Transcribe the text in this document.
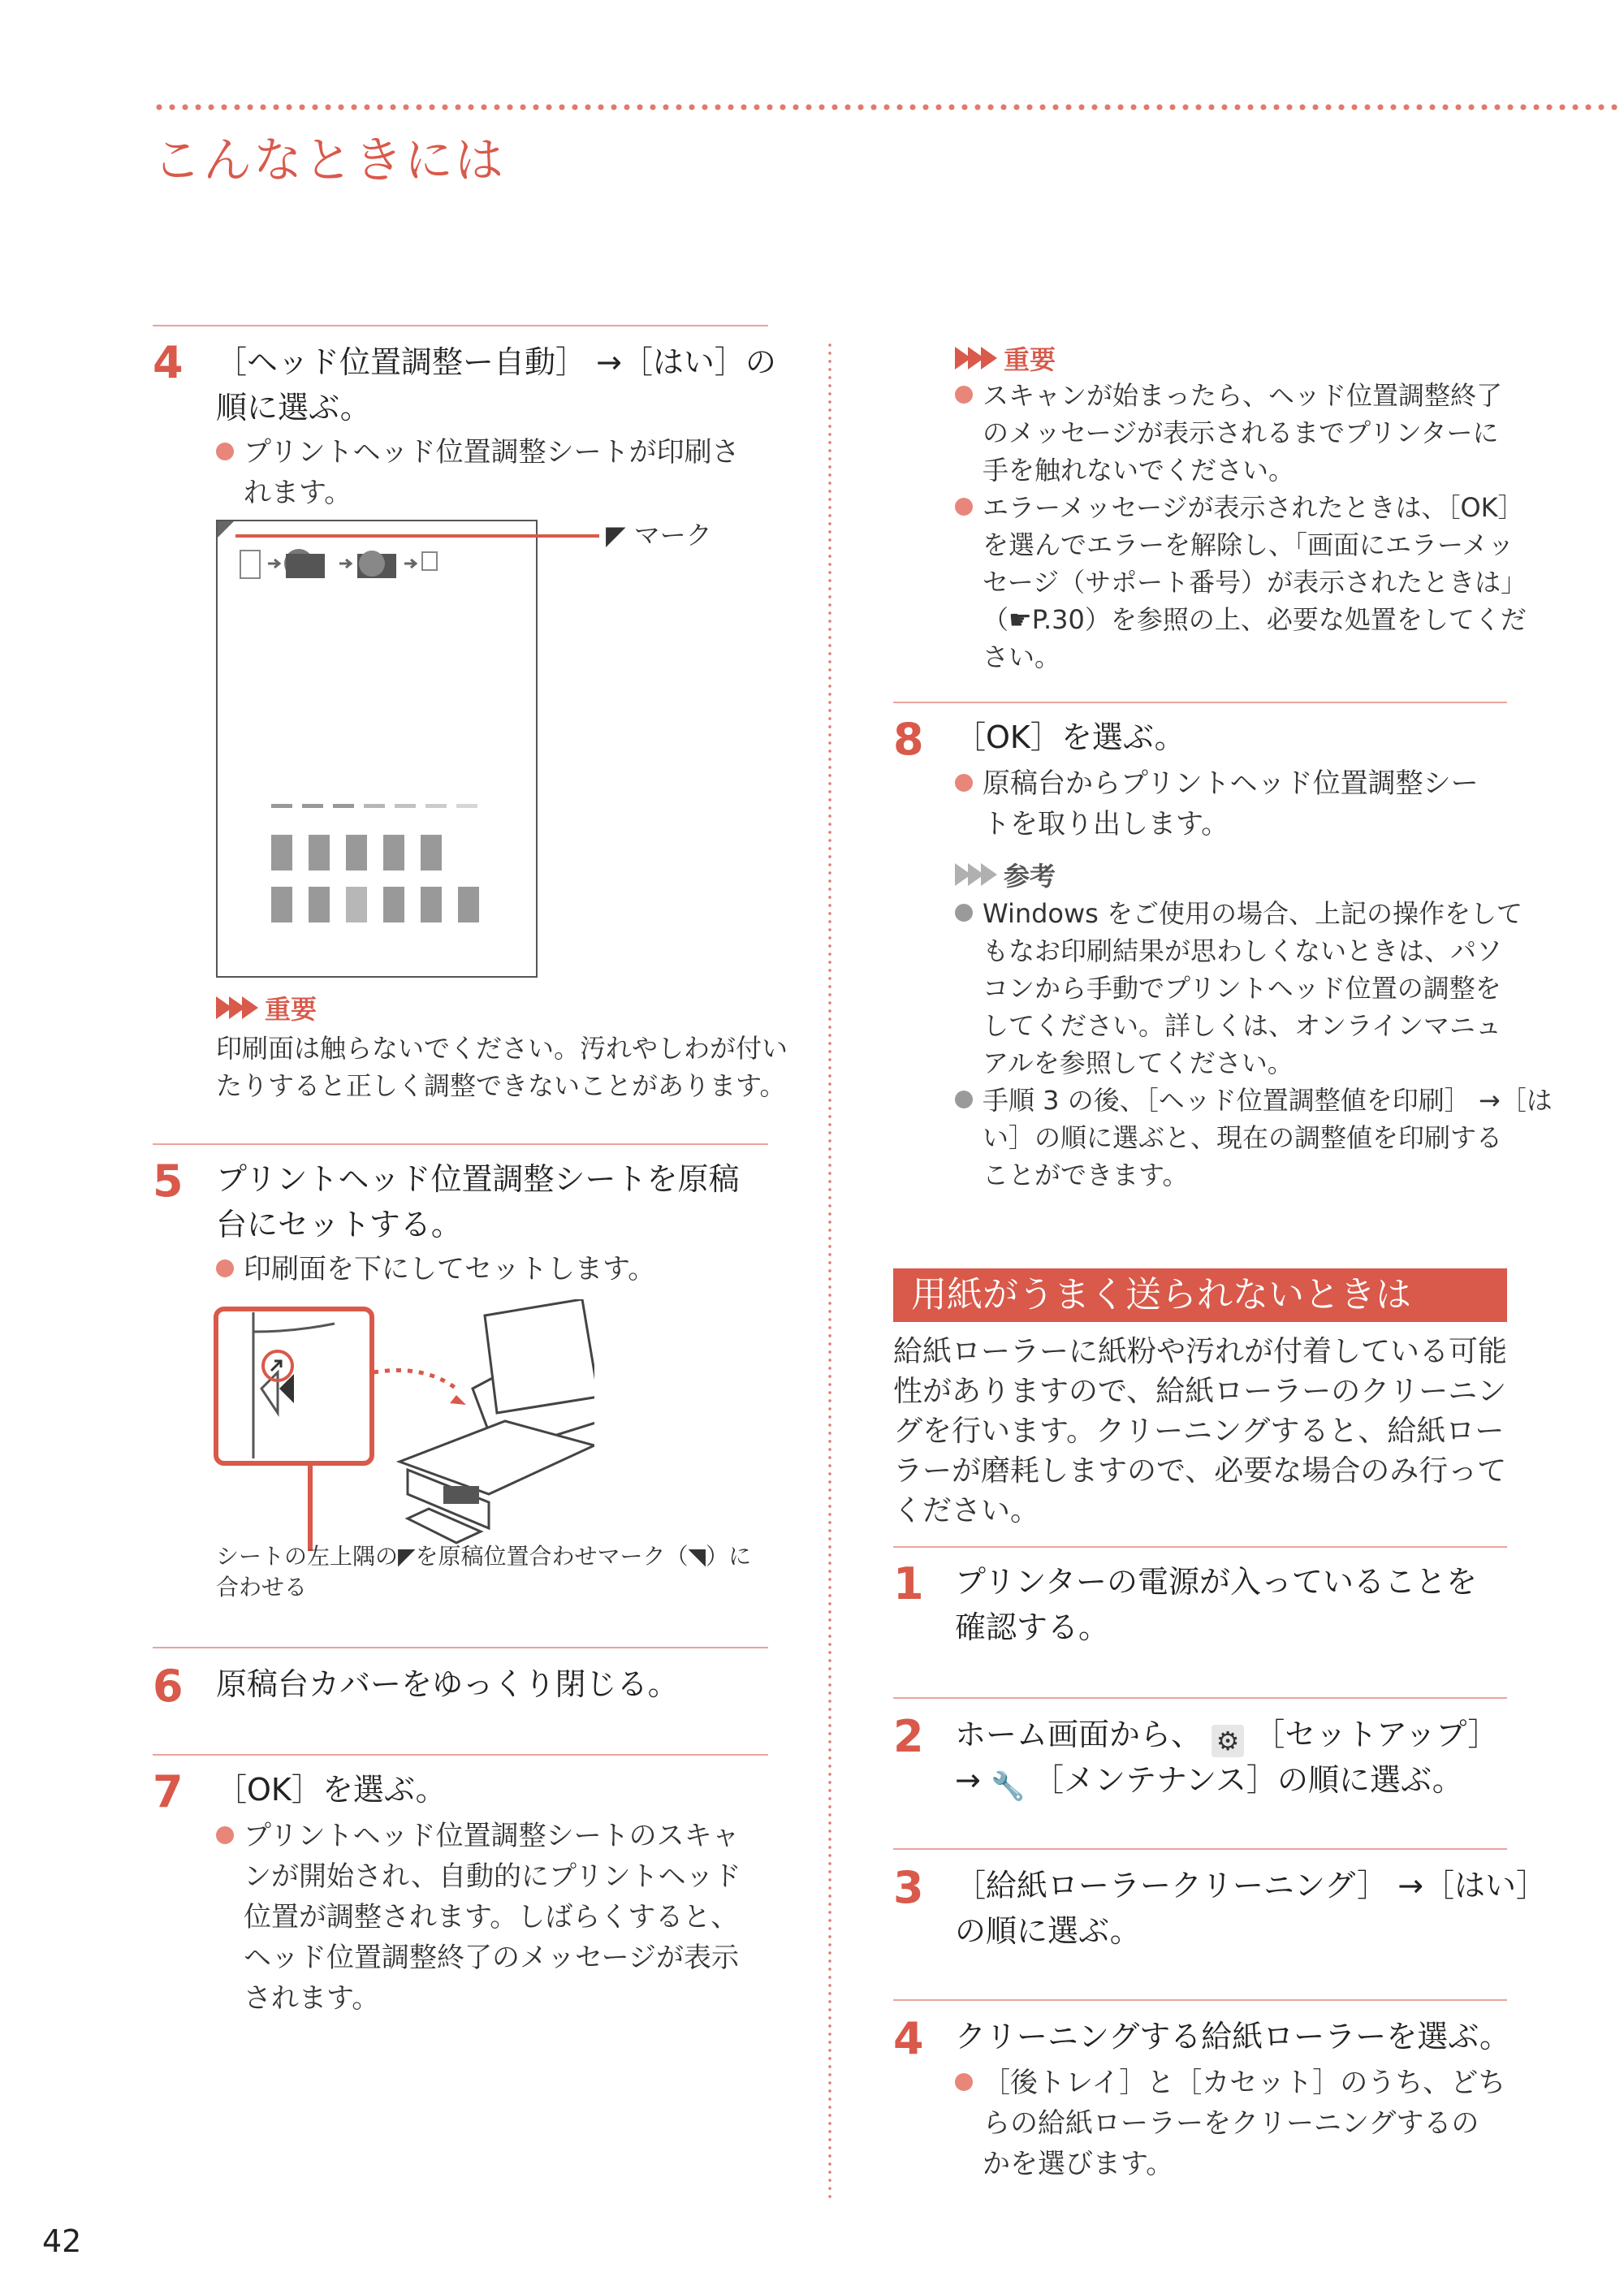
こんなときには
4 ［ヘッド位置調整ー自動］ →［はい］の
順に選ぶ。
プリントヘッド位置調整シートが印刷さ
れます。
◤ マーク
重要
印刷面は触らないでください。汚れやしわが付い
たりすると正しく調整できないことがあります。
5 プリントヘッド位置調整シートを原稿
台にセットする。
印刷面を下にしてセットします。
シートの左上隅の◤を原稿位置合わせマーク（◥）に
合わせる
6 原稿台カバーをゆっくり閉じる。
7 ［OK］を選ぶ。
プリントヘッド位置調整シートのスキャ
ンが開始され、自動的にプリントヘッド
位置が調整されます。しばらくすると、
ヘッド位置調整終了のメッセージが表示
されます。
重要
スキャンが始まったら、ヘッド位置調整終了
のメッセージが表示されるまでプリンターに
手を触れないでください。
エラーメッセージが表示されたときは、［OK］
を選んでエラーを解除し、「画面にエラーメッ
セージ（サポート番号）が表示されたときは」
（☛P.30）を参照の上、必要な処置をしてくだ
さい。
8 ［OK］を選ぶ。
原稿台からプリントヘッド位置調整シー
トを取り出します。
参考
Windows をご使用の場合、上記の操作をして
もなお印刷結果が思わしくないときは、パソ
コンから手動でプリントヘッド位置の調整を
してください。詳しくは、オンラインマニュ
アルを参照してください。
手順 3 の後、［ヘッド位置調整値を印刷］ →［は
い］の順に選ぶと、現在の調整値を印刷する
ことができます。
用紙がうまく送られないときは
給紙ローラーに紙粉や汚れが付着している可能
性がありますので、給紙ローラーのクリーニン
グを行います。クリーニングすると、給紙ロー
ラーが磨耗しますので、必要な場合のみ行って
ください。
1 プリンターの電源が入っていることを
確認する。
2 ホーム画面から、 ⚙ ［セットアップ］
→ 🔧 ［メンテナンス］の順に選ぶ。
3 ［給紙ローラークリーニング］ →［はい］
の順に選ぶ。
4 クリーニングする給紙ローラーを選ぶ。
［後トレイ］と［カセット］のうち、どち
らの給紙ローラーをクリーニングするの
かを選びます。
42
